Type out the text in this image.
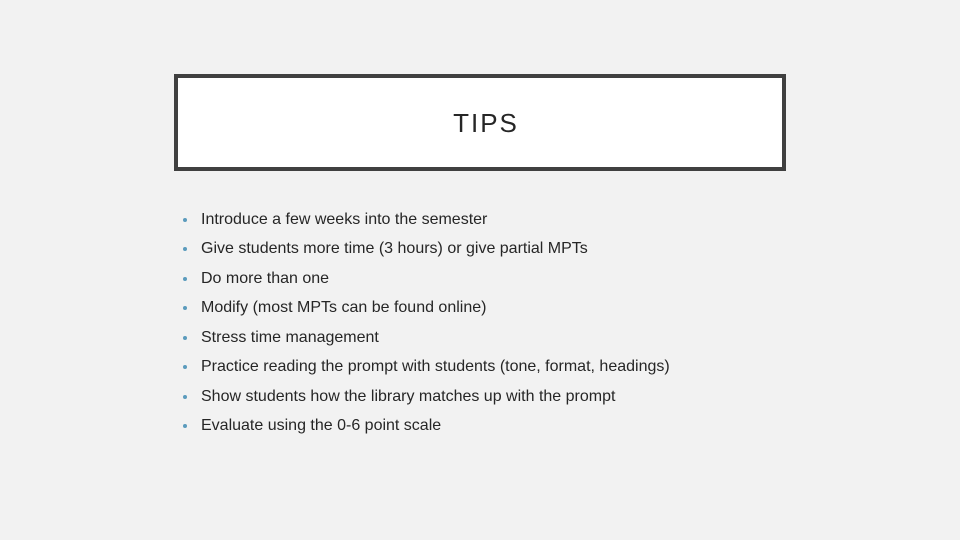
TIPS
Introduce a few weeks into the semester
Give students more time (3 hours) or give partial MPTs
Do more than one
Modify (most MPTs can be found online)
Stress time management
Practice reading the prompt with students (tone, format, headings)
Show students how the library matches up with the prompt
Evaluate using the 0-6 point scale
